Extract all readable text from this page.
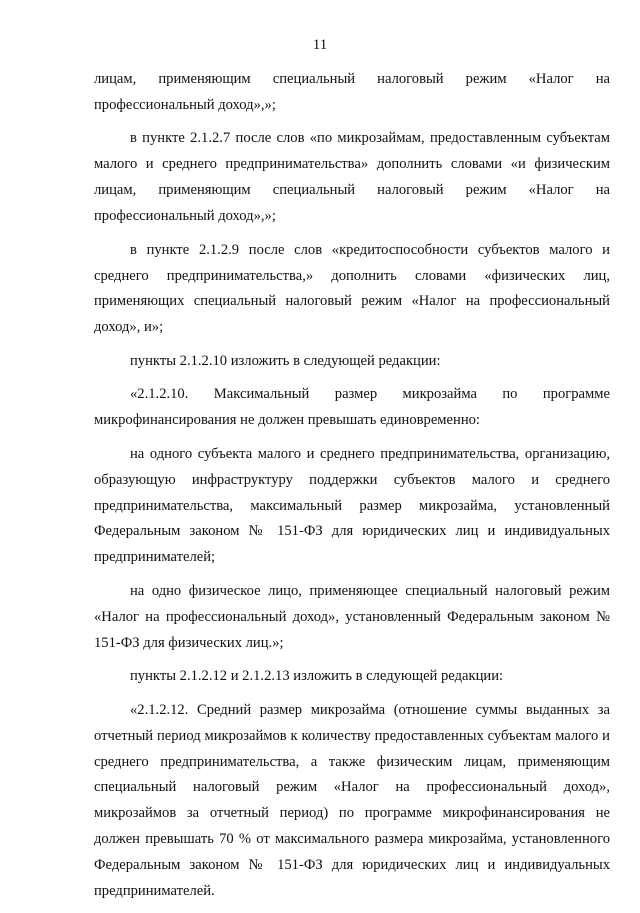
11

лицам, применяющим специальный налоговый режим «Налог на профессиональный доход»,»;

в пункте 2.1.2.7 после слов «по микрозаймам, предоставленным субъектам малого и среднего предпринимательства» дополнить словами «и физическим лицам, применяющим специальный налоговый режим «Налог на профессиональный доход»,»;

в пункте 2.1.2.9 после слов «кредитоспособности субъектов малого и среднего предпринимательства,» дополнить словами «физических лиц, применяющих специальный налоговый режим «Налог на профессиональный доход», и»;

пункты 2.1.2.10 изложить в следующей редакции:

«2.1.2.10. Максимальный размер микрозайма по программе микрофинансирования не должен превышать единовременно:

на одного субъекта малого и среднего предпринимательства, организацию, образующую инфраструктуру поддержки субъектов малого и среднего предпринимательства, максимальный размер микрозайма, установленный Федеральным законом № 151-ФЗ для юридических лиц и индивидуальных предпринимателей;

на одно физическое лицо, применяющее специальный налоговый режим «Налог на профессиональный доход», установленный Федеральным законом № 151-ФЗ для физических лиц.»;

пункты 2.1.2.12 и 2.1.2.13 изложить в следующей редакции:

«2.1.2.12. Средний размер микрозайма (отношение суммы выданных за отчетный период микрозаймов к количеству предоставленных субъектам малого и среднего предпринимательства, а также физическим лицам, применяющим специальный налоговый режим «Налог на профессиональный доход», микрозаймов за отчетный период) по программе микрофинансирования не должен превышать 70 % от максимального размера микрозайма, установленного Федеральным законом № 151-ФЗ для юридических лиц и индивидуальных предпринимателей.
